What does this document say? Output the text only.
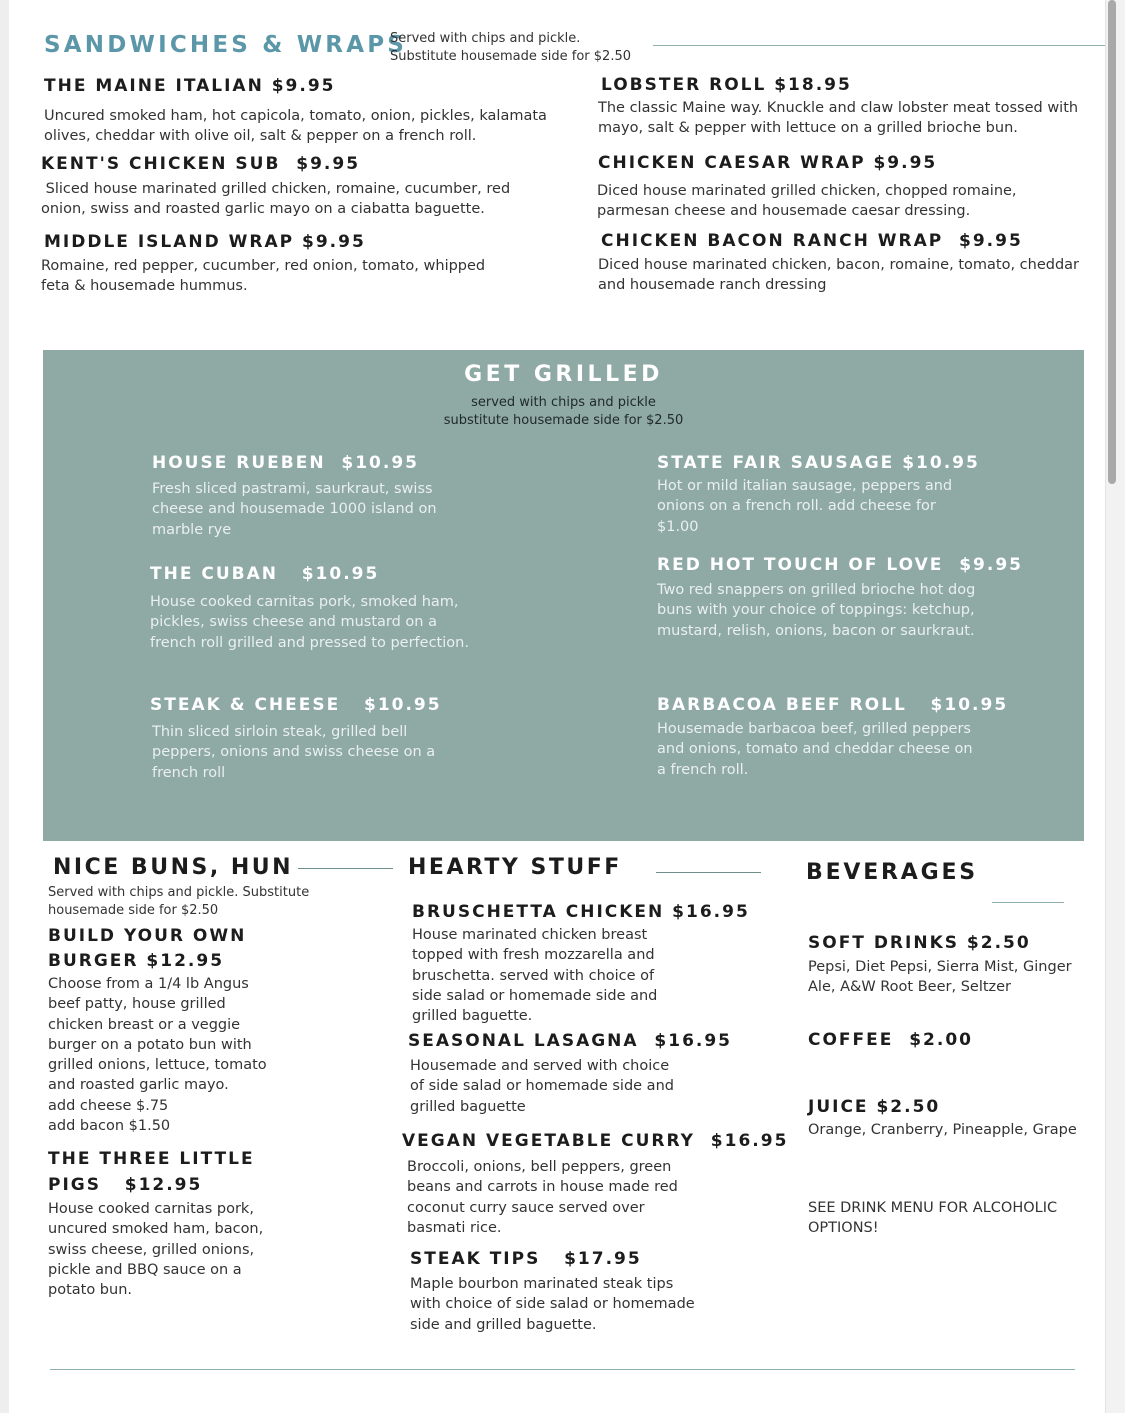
SANDWICHES & WRAPS
Served with chips and pickle.
Substitute housemade side for $2.50
THE MAINE ITALIAN $9.95
Uncured smoked ham, hot capicola, tomato, onion, pickles, kalamata olives, cheddar with olive oil, salt & pepper on a french roll.
LOBSTER ROLL $18.95
The classic Maine way. Knuckle and claw lobster meat tossed with mayo, salt & pepper with lettuce on a grilled brioche bun.
KENT'S CHICKEN SUB  $9.95
Sliced house marinated grilled chicken, romaine, cucumber, red onion, swiss and roasted garlic mayo on a ciabatta baguette.
CHICKEN CAESAR WRAP $9.95
Diced house marinated grilled chicken, chopped romaine, parmesan cheese and housemade caesar dressing.
MIDDLE ISLAND WRAP $9.95
Romaine, red pepper, cucumber, red onion, tomato, whipped feta & housemade hummus.
CHICKEN BACON RANCH WRAP  $9.95
Diced house marinated chicken, bacon, romaine, tomato, cheddar and housemade ranch dressing
GET GRILLED
served with chips and pickle
substitute housemade side for $2.50
HOUSE RUEBEN  $10.95
Fresh sliced pastrami, saurkraut, swiss cheese and housemade 1000 island on marble rye
STATE FAIR SAUSAGE $10.95
Hot or mild italian sausage, peppers and onions on a french roll. add cheese for $1.00
THE CUBAN   $10.95
House cooked carnitas pork, smoked ham, pickles, swiss cheese and mustard on a french roll grilled and pressed to perfection.
RED HOT TOUCH OF LOVE  $9.95
Two red snappers on grilled brioche hot dog buns with your choice of toppings: ketchup, mustard, relish, onions, bacon or saurkraut.
STEAK & CHEESE   $10.95
Thin sliced sirloin steak, grilled bell peppers, onions and swiss cheese on a french roll
BARBACOA BEEF ROLL   $10.95
Housemade barbacoa beef, grilled peppers and onions, tomato and cheddar cheese on a french roll.
NICE BUNS, HUN
Served with chips and pickle. Substitute housemade side for $2.50
BUILD YOUR OWN
BURGER $12.95
Choose from a 1/4 lb Angus beef patty, house grilled chicken breast or a veggie burger on a potato bun with grilled onions, lettuce, tomato and roasted garlic mayo.
add cheese $.75
add bacon $1.50
THE THREE LITTLE
PIGS   $12.95
House cooked carnitas pork, uncured smoked ham, bacon, swiss cheese, grilled onions, pickle and BBQ sauce on a potato bun.
HEARTY STUFF
BRUSCHETTA CHICKEN $16.95
House marinated chicken breast topped with fresh mozzarella and bruschetta. served with choice of side salad or homemade side and grilled baguette.
SEASONAL LASAGNA  $16.95
Housemade and served with choice of side salad or homemade side and grilled baguette
VEGAN VEGETABLE CURRY  $16.95
Broccoli, onions, bell peppers, green beans and carrots in house made red coconut curry sauce served over basmati rice.
STEAK TIPS   $17.95
Maple bourbon marinated steak tips with choice of side salad or homemade side and grilled baguette.
BEVERAGES
SOFT DRINKS $2.50
Pepsi, Diet Pepsi, Sierra Mist, Ginger Ale, A&W Root Beer, Seltzer
COFFEE  $2.00
JUICE $2.50
Orange, Cranberry, Pineapple, Grape
SEE DRINK MENU FOR ALCOHOLIC OPTIONS!
